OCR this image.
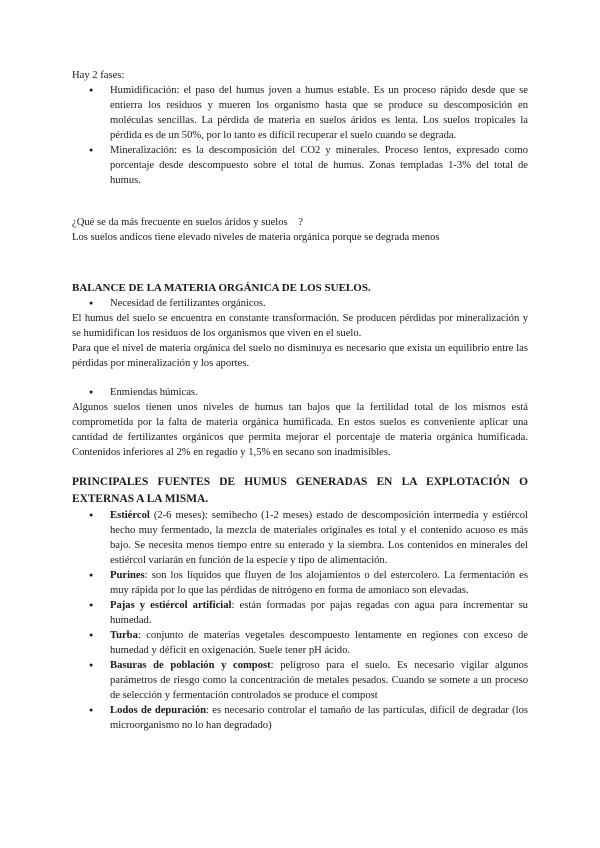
Hay 2 fases:

● Humidificación: el paso del humus joven a humus estable. Es un proceso rápido desde que se entierra los residuos y mueren los organismo hasta que se produce su descomposición en moléculas sencillas. La pérdida de materia en suelos áridos es lenta. Los suelos tropicales la pérdida es de un 50%, por lo tanto es difícil recuperar el suelo cuando se degrada.
● Mineralización: es la descomposición del CO2 y minerales. Proceso lentos, expresado como porcentaje desde descompuesto sobre el total de humus. Zonas templadas 1-3% del total de humus.

¿Qué se da más frecuente en suelos áridos y suelos    ?

Los suelos andicos tiene elevado niveles de materia orgánica porque se degrada menos

BALANCE DE LA MATERIA ORGÁNICA DE LOS SUELOS.

● Necesidad de fertilizantes orgánicos.

El humus del suelo se encuentra en constante transformación. Se producen pérdidas por mineralización y se humidifican los residuos de los organismos que viven en el suelo.

Para que el nivel de materia orgánica del suelo no disminuya es necesario que exista un equilibrio entre las pérdidas por mineralización y los aportes.

● Enmiendas húmicas.

Algunos suelos tienen unos niveles de humus tan bajos que la fertilidad total de los mismos está comprometida por la falta de materia orgánica humificada. En estos suelos es conveniente aplicar una cantidad de fertilizantes orgánicos que permita mejorar el porcentaje de materia orgánica humificada. Contenidos inferiores al 2% en regadío y 1,5% en secano son inadmisibles.

PRINCIPALES FUENTES DE HUMUS GENERADAS EN LA EXPLOTACIÓN O EXTERNAS A LA MISMA.

● Estiércol (2-6 meses): semihecho (1-2 meses) estado de descomposición intermedia y estiércol hecho muy fermentado, la mezcla de materiales originales es total y el contenido acuoso es más bajo. Se necesita menos tiempo entre su enterado y la siembra. Los contenidos en minerales del estiércol variarán en función de la especie y tipo de alimentación.
● Purines: son los líquidos que fluyen de los alojamientos o del estercolero. La fermentación es muy rápida por lo que las pérdidas de nitrógeno en forma de amoniaco son elevadas.
● Pajas y estiércol artificial: están formadas por pajas regadas con agua para incrementar su humedad.
● Turba: conjunto de materias vegetales descompuesto lentamente en regiones con exceso de humedad y déficit en oxigenación. Suele tener pH ácido.
● Basuras de población y compost: peligroso para el suelo. Es necesario vigilar algunos parámetros de riesgo como la concentración de metales pesados. Cuando se somete a un proceso de selección y fermentación controlados se produce el compost
● Lodos de depuración: es necesario controlar el tamaño de las partículas, difícil de degradar (los microorganismo no lo han degradado)
